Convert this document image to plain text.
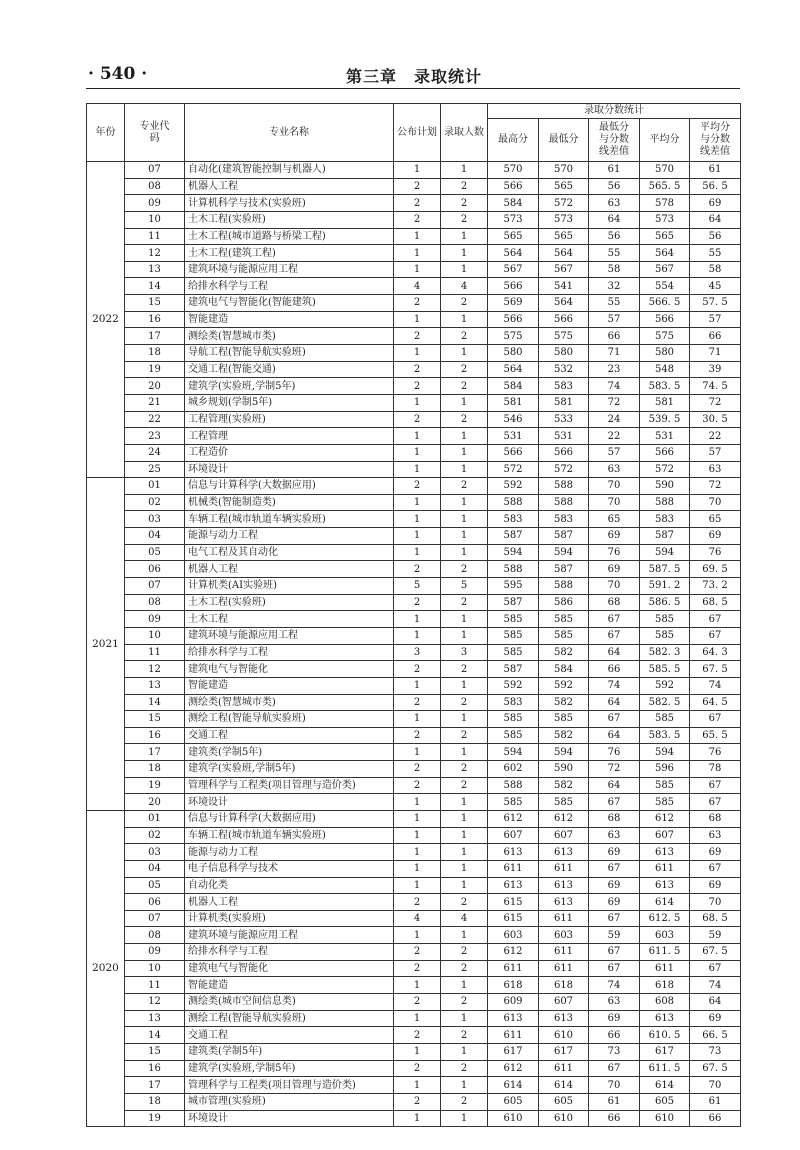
· 540 ·	第三章　录取统计
年份	专业代码	专业名称	公布计划	录取人数	录取分数统计				
					最高分	最低分	最低分与分数线差值	平均分	平均分与分数线差值
2022	07	自动化(建筑智能控制与机器人)	1	1	570	570	61	570	61
	08	机器人工程	2	2	566	565	56	565. 5	56. 5
	09	计算机科学与技术(实验班)	2	2	584	572	63	578	69
	10	土木工程(实验班)	2	2	573	573	64	573	64
	11	土木工程(城市道路与桥梁工程)	1	1	565	565	56	565	56
	12	土木工程(建筑工程)	1	1	564	564	55	564	55
	13	建筑环境与能源应用工程	1	1	567	567	58	567	58
	14	给排水科学与工程	4	4	566	541	32	554	45
	15	建筑电气与智能化(智能建筑)	2	2	569	564	55	566. 5	57. 5
	16	智能建造	1	1	566	566	57	566	57
	17	测绘类(智慧城市类)	2	2	575	575	66	575	66
	18	导航工程(智能导航实验班)	1	1	580	580	71	580	71
	19	交通工程(智能交通)	2	2	564	532	23	548	39
	20	建筑学(实验班,学制5年)	2	2	584	583	74	583. 5	74. 5
	21	城乡规划(学制5年)	1	1	581	581	72	581	72
	22	工程管理(实验班)	2	2	546	533	24	539. 5	30. 5
	23	工程管理	1	1	531	531	22	531	22
	24	工程造价	1	1	566	566	57	566	57
	25	环境设计	1	1	572	572	63	572	63
2021	01	信息与计算科学(大数据应用)	2	2	592	588	70	590	72
	02	机械类(智能制造类)	1	1	588	588	70	588	70
	03	车辆工程(城市轨道车辆实验班)	1	1	583	583	65	583	65
	04	能源与动力工程	1	1	587	587	69	587	69
	05	电气工程及其自动化	1	1	594	594	76	594	76
	06	机器人工程	2	2	588	587	69	587. 5	69. 5
	07	计算机类(AI实验班)	5	5	595	588	70	591. 2	73. 2
	08	土木工程(实验班)	2	2	587	586	68	586. 5	68. 5
	09	土木工程	1	1	585	585	67	585	67
	10	建筑环境与能源应用工程	1	1	585	585	67	585	67
	11	给排水科学与工程	3	3	585	582	64	582. 3	64. 3
	12	建筑电气与智能化	2	2	587	584	66	585. 5	67. 5
	13	智能建造	1	1	592	592	74	592	74
	14	测绘类(智慧城市类)	2	2	583	582	64	582. 5	64. 5
	15	测绘工程(智能导航实验班)	1	1	585	585	67	585	67
	16	交通工程	2	2	585	582	64	583. 5	65. 5
	17	建筑类(学制5年)	1	1	594	594	76	594	76
	18	建筑学(实验班,学制5年)	2	2	602	590	72	596	78
	19	管理科学与工程类(项目管理与造价类)	2	2	588	582	64	585	67
	20	环境设计	1	1	585	585	67	585	67
2020	01	信息与计算科学(大数据应用)	1	1	612	612	68	612	68
	02	车辆工程(城市轨道车辆实验班)	1	1	607	607	63	607	63
	03	能源与动力工程	1	1	613	613	69	613	69
	04	电子信息科学与技术	1	1	611	611	67	611	67
	05	自动化类	1	1	613	613	69	613	69
	06	机器人工程	2	2	615	613	69	614	70
	07	计算机类(实验班)	4	4	615	611	67	612. 5	68. 5
	08	建筑环境与能源应用工程	1	1	603	603	59	603	59
	09	给排水科学与工程	2	2	612	611	67	611. 5	67. 5
	10	建筑电气与智能化	2	2	611	611	67	611	67
	11	智能建造	1	1	618	618	74	618	74
	12	测绘类(城市空间信息类)	2	2	609	607	63	608	64
	13	测绘工程(智能导航实验班)	1	1	613	613	69	613	69
	14	交通工程	2	2	611	610	66	610. 5	66. 5
	15	建筑类(学制5年)	1	1	617	617	73	617	73
	16	建筑学(实验班,学制5年)	2	2	612	611	67	611. 5	67. 5
	17	管理科学与工程类(项目管理与造价类)	1	1	614	614	70	614	70
	18	城市管理(实验班)	2	2	605	605	61	605	61
	19	环境设计	1	1	610	610	66	610	66
